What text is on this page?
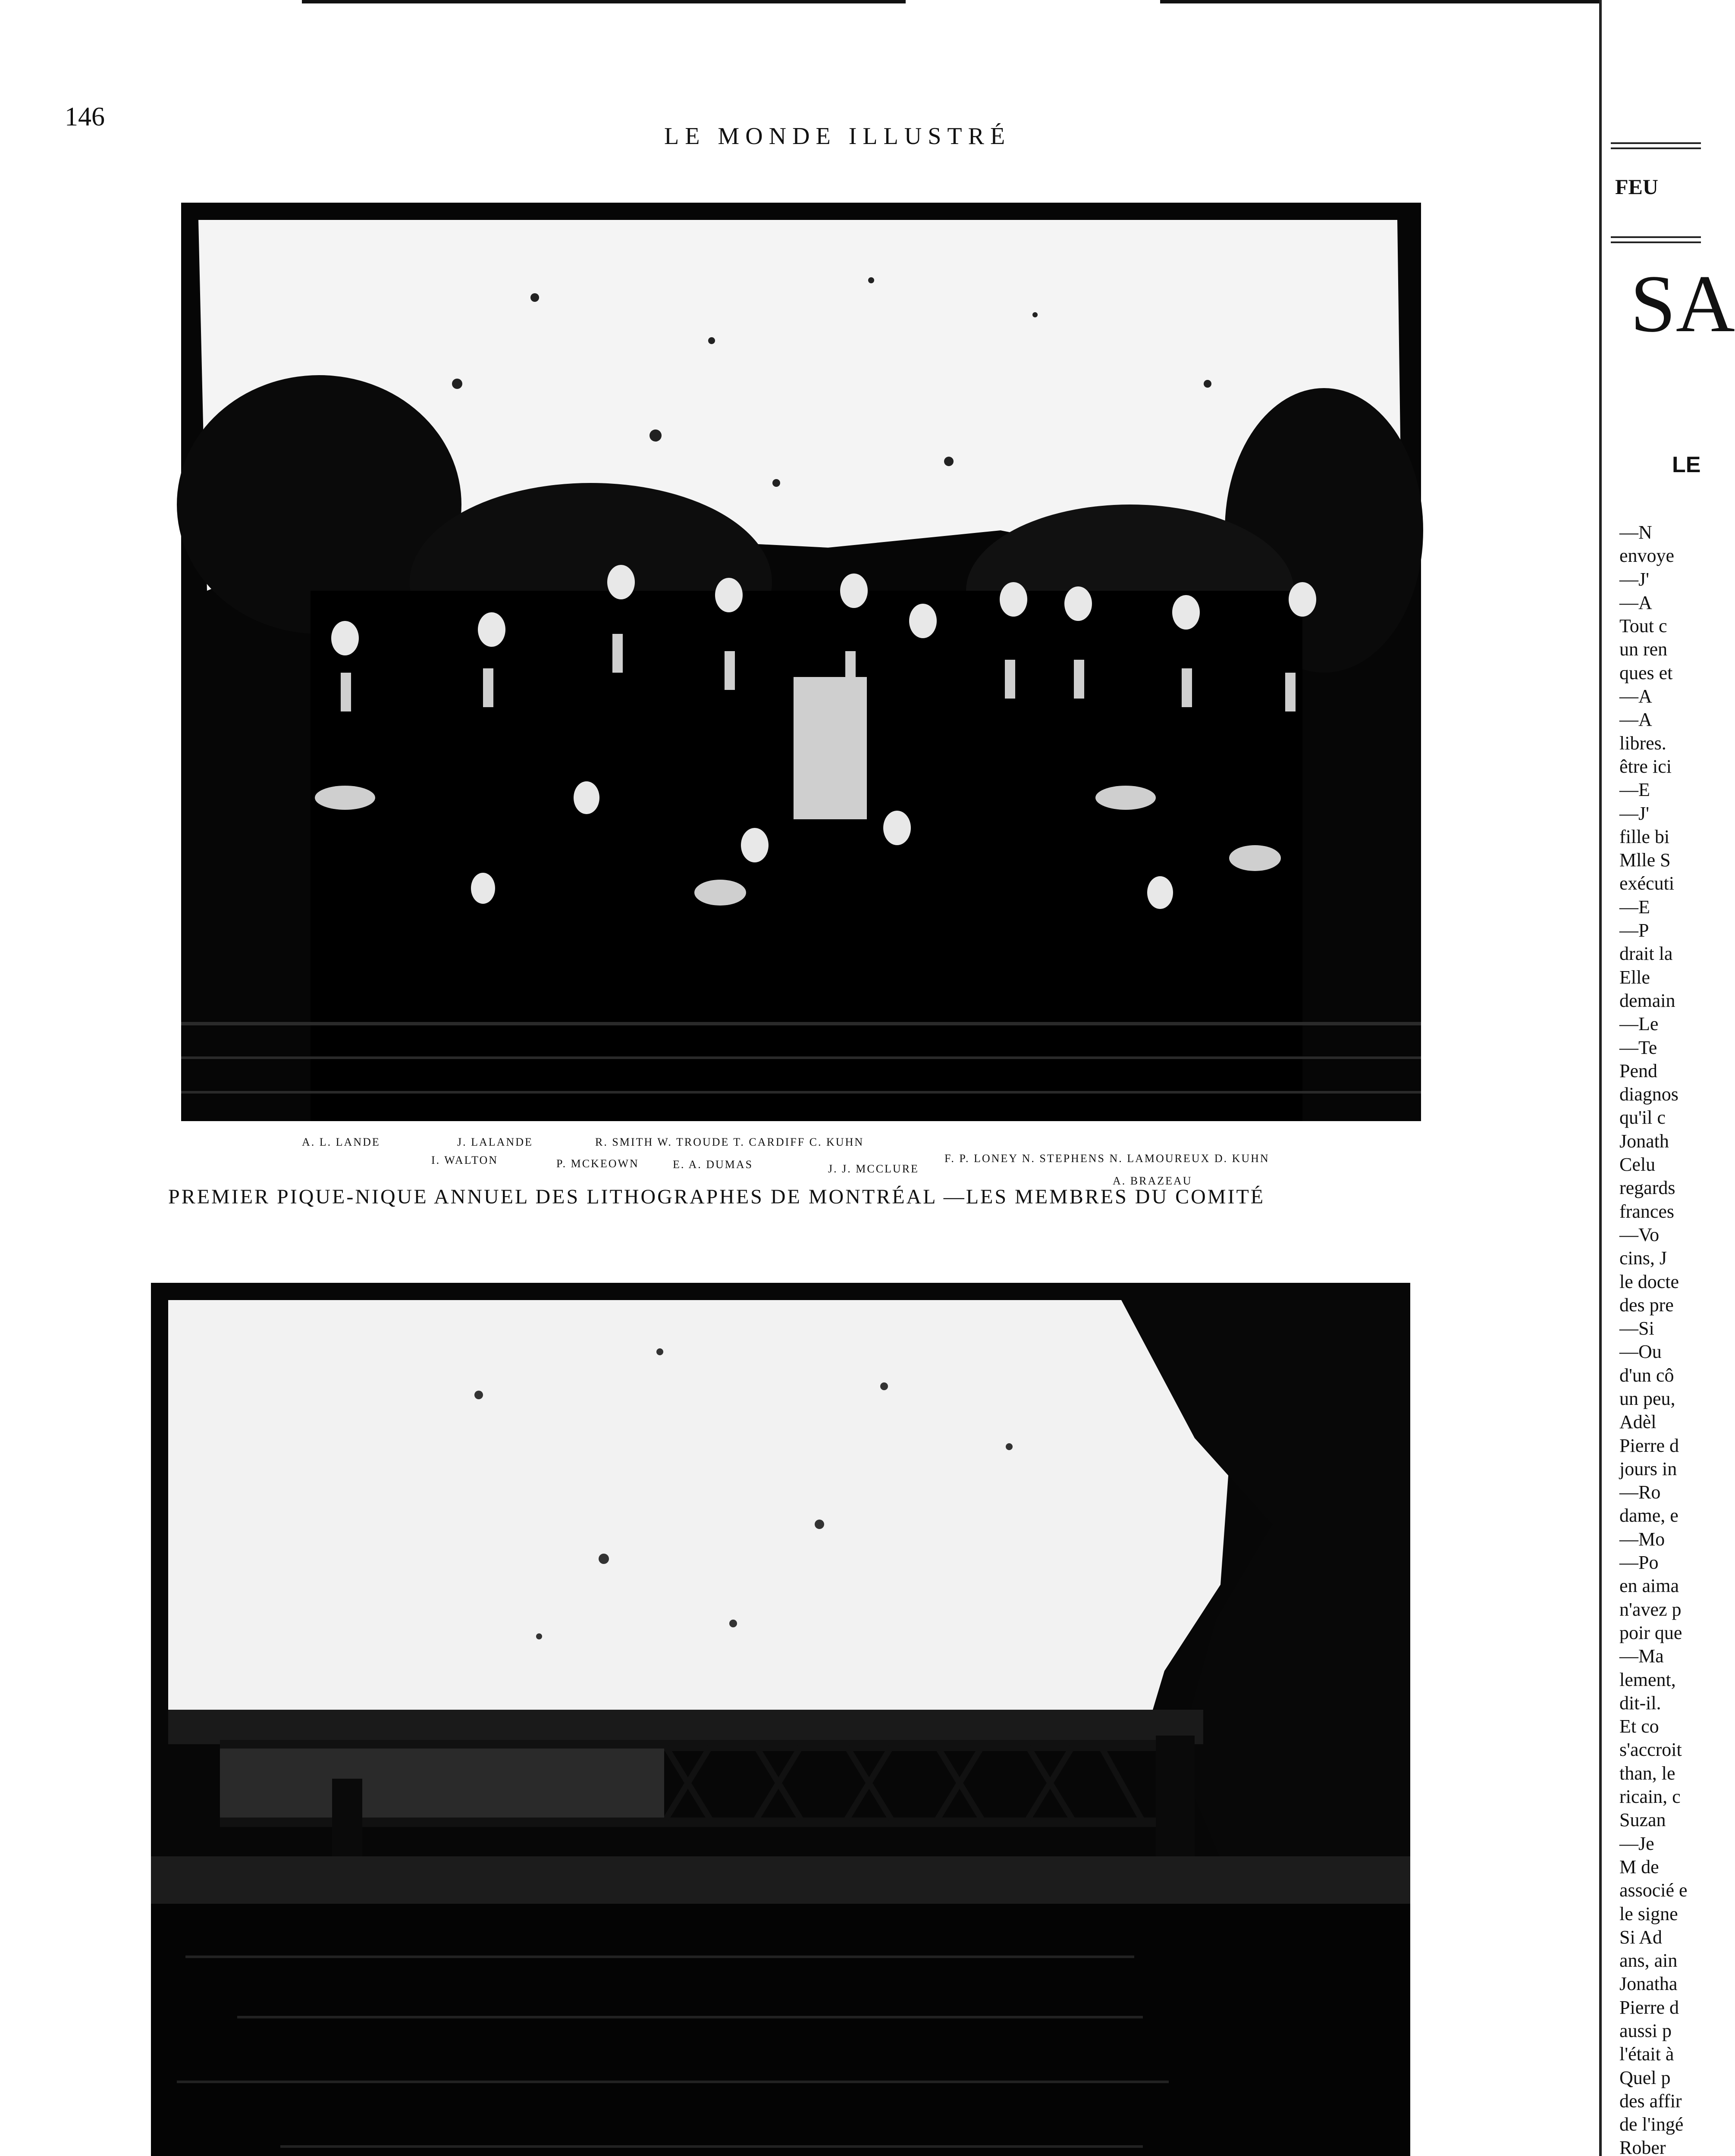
146
LE MONDE ILLUSTRÉ
A. L. LANDE	J. LALANDE	R. SMITH W. TROUDE T. CARDIFF C. KUHN
F. P. LONEY N. STEPHENS N. LAMOUREUX D. KUHN
I. WALTON	P. MCKEOWN	E. A. DUMAS	J. J. MCCLURE
A. BRAZEAU
PREMIER PIQUE-NIQUE ANNUEL DES LITHOGRAPHES DE MONTRÉAL —LES MEMBRES DU COMITÉ
FEU
SA
LE
—N
envoye
—J'
—A
Tout c
un ren
ques et
—A
—A
libres.
être ici
—E
—J'
fille bi
Mlle S
exécuti
—E
—P
drait la
Elle
demain
—Le
—Te
Pend
diagnos
qu'il c
Jonath
Celu
regards
frances
—Vo
cins, J
le docte
des pre
—Si
—Ou
d'un cô
un peu,
Adèl
Pierre d
jours in
—Ro
dame, e
—Mo
—Po
en aima
n'avez p
poir que
—Ma
lement,
dit-il.
Et co
s'accroit
than, le
ricain, c
Suzan
—Je
M de
associé e
le signe
Si Ad
ans, ain
Jonatha
Pierre d
aussi p
l'était à
Quel p
des affir
de l'ingé
Rober
